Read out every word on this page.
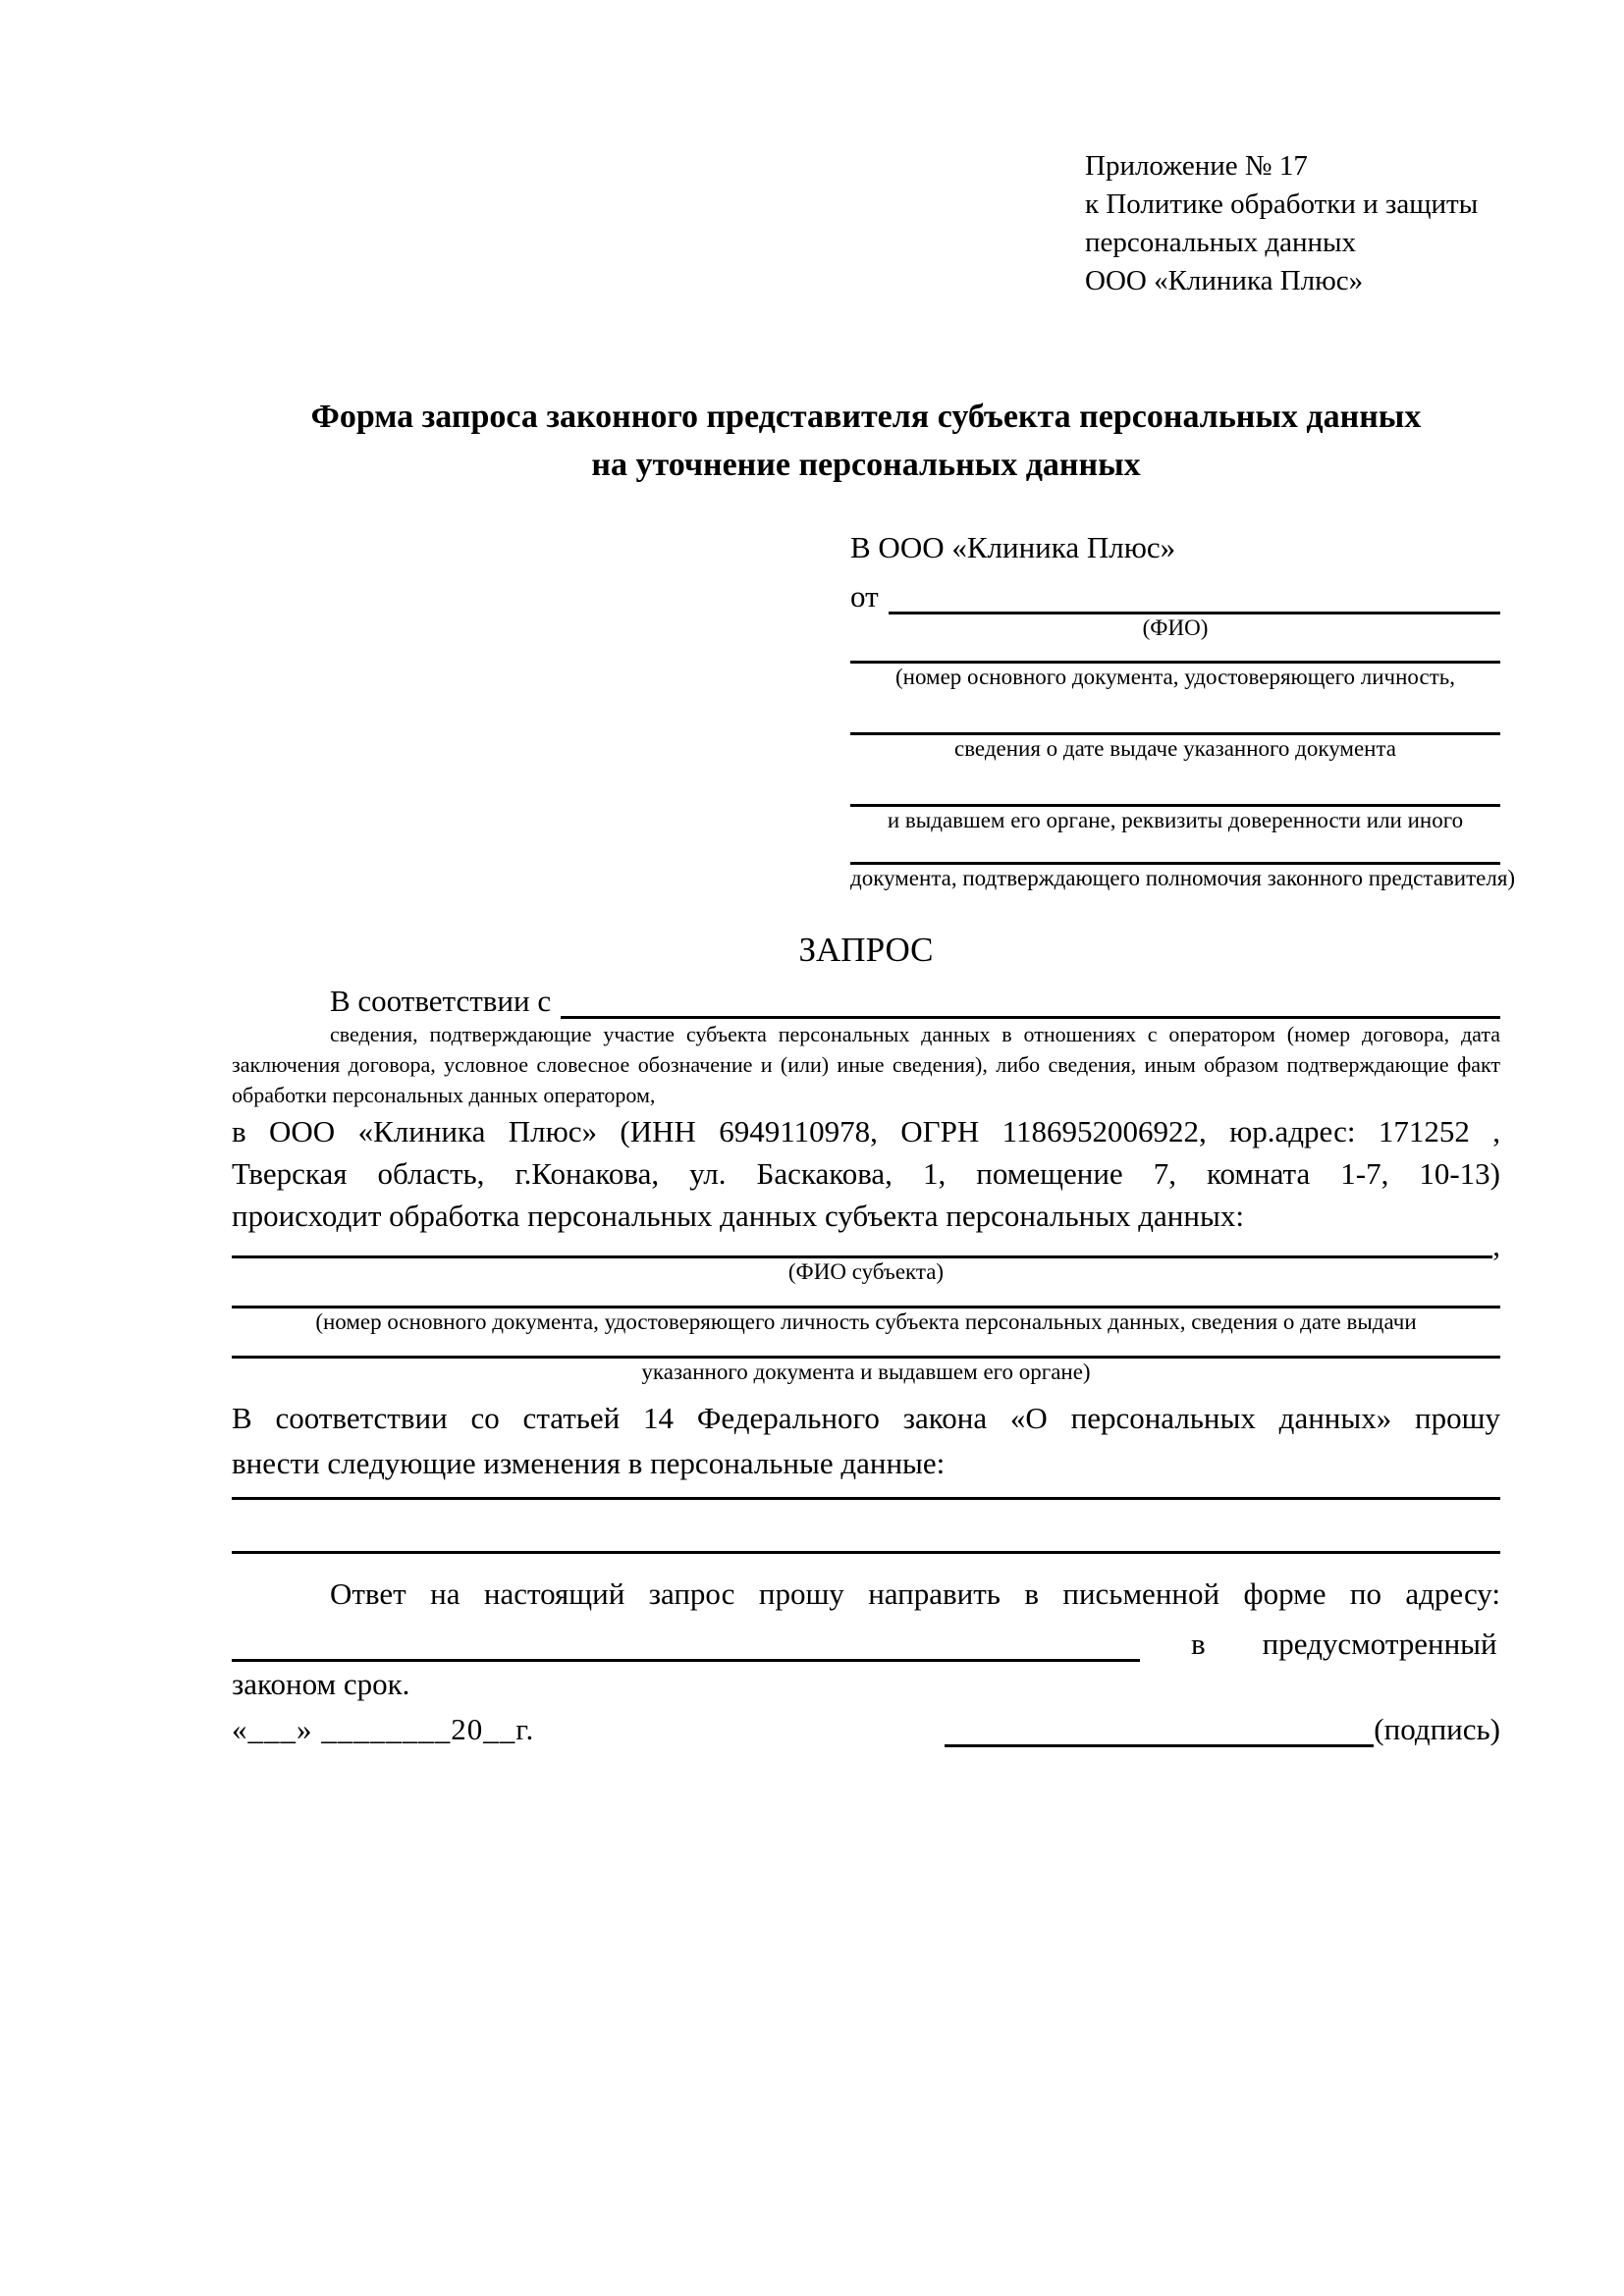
Приложение № 17
к Политике обработки и защиты
персональных данных
ООО «Клиника Плюс»
Форма запроса законного представителя субъекта персональных данных
на уточнение персональных данных
В ООО «Клиника Плюс»
от
(ФИО)
(номер основного документа, удостоверяющего личность,
сведения о дате выдаче указанного документа
и выдавшем его органе, реквизиты доверенности или иного
документа, подтверждающего полномочия законного представителя)
ЗАПРОС
В соответствии с
сведения, подтверждающие участие субъекта персональных данных в отношениях с оператором (номер договора, дата
заключения договора, условное словесное обозначение и (или) иные сведения), либо сведения, иным образом подтверждающие факт
обработки персональных данных оператором,
в ООО «Клиника Плюс» (ИНН 6949110978, ОГРН 1186952006922, юр.адрес: 171252 ,
Тверская область, г.Конакова, ул. Баскакова, 1, помещение 7, комната 1-7, 10-13)
происходит обработка персональных данных субъекта персональных данных:
,
(ФИО субъекта)
(номер основного документа, удостоверяющего личность субъекта персональных данных, сведения о дате выдачи
указанного документа и выдавшем его органе)
В соответствии со статьей 14 Федерального закона «О персональных данных» прошу
внести следующие изменения в персональные данные:
Ответ на настоящий запрос прошу направить в письменной форме по адресу:
в предусмотренный
законом срок.
«___» ________20__г.	(подпись)
